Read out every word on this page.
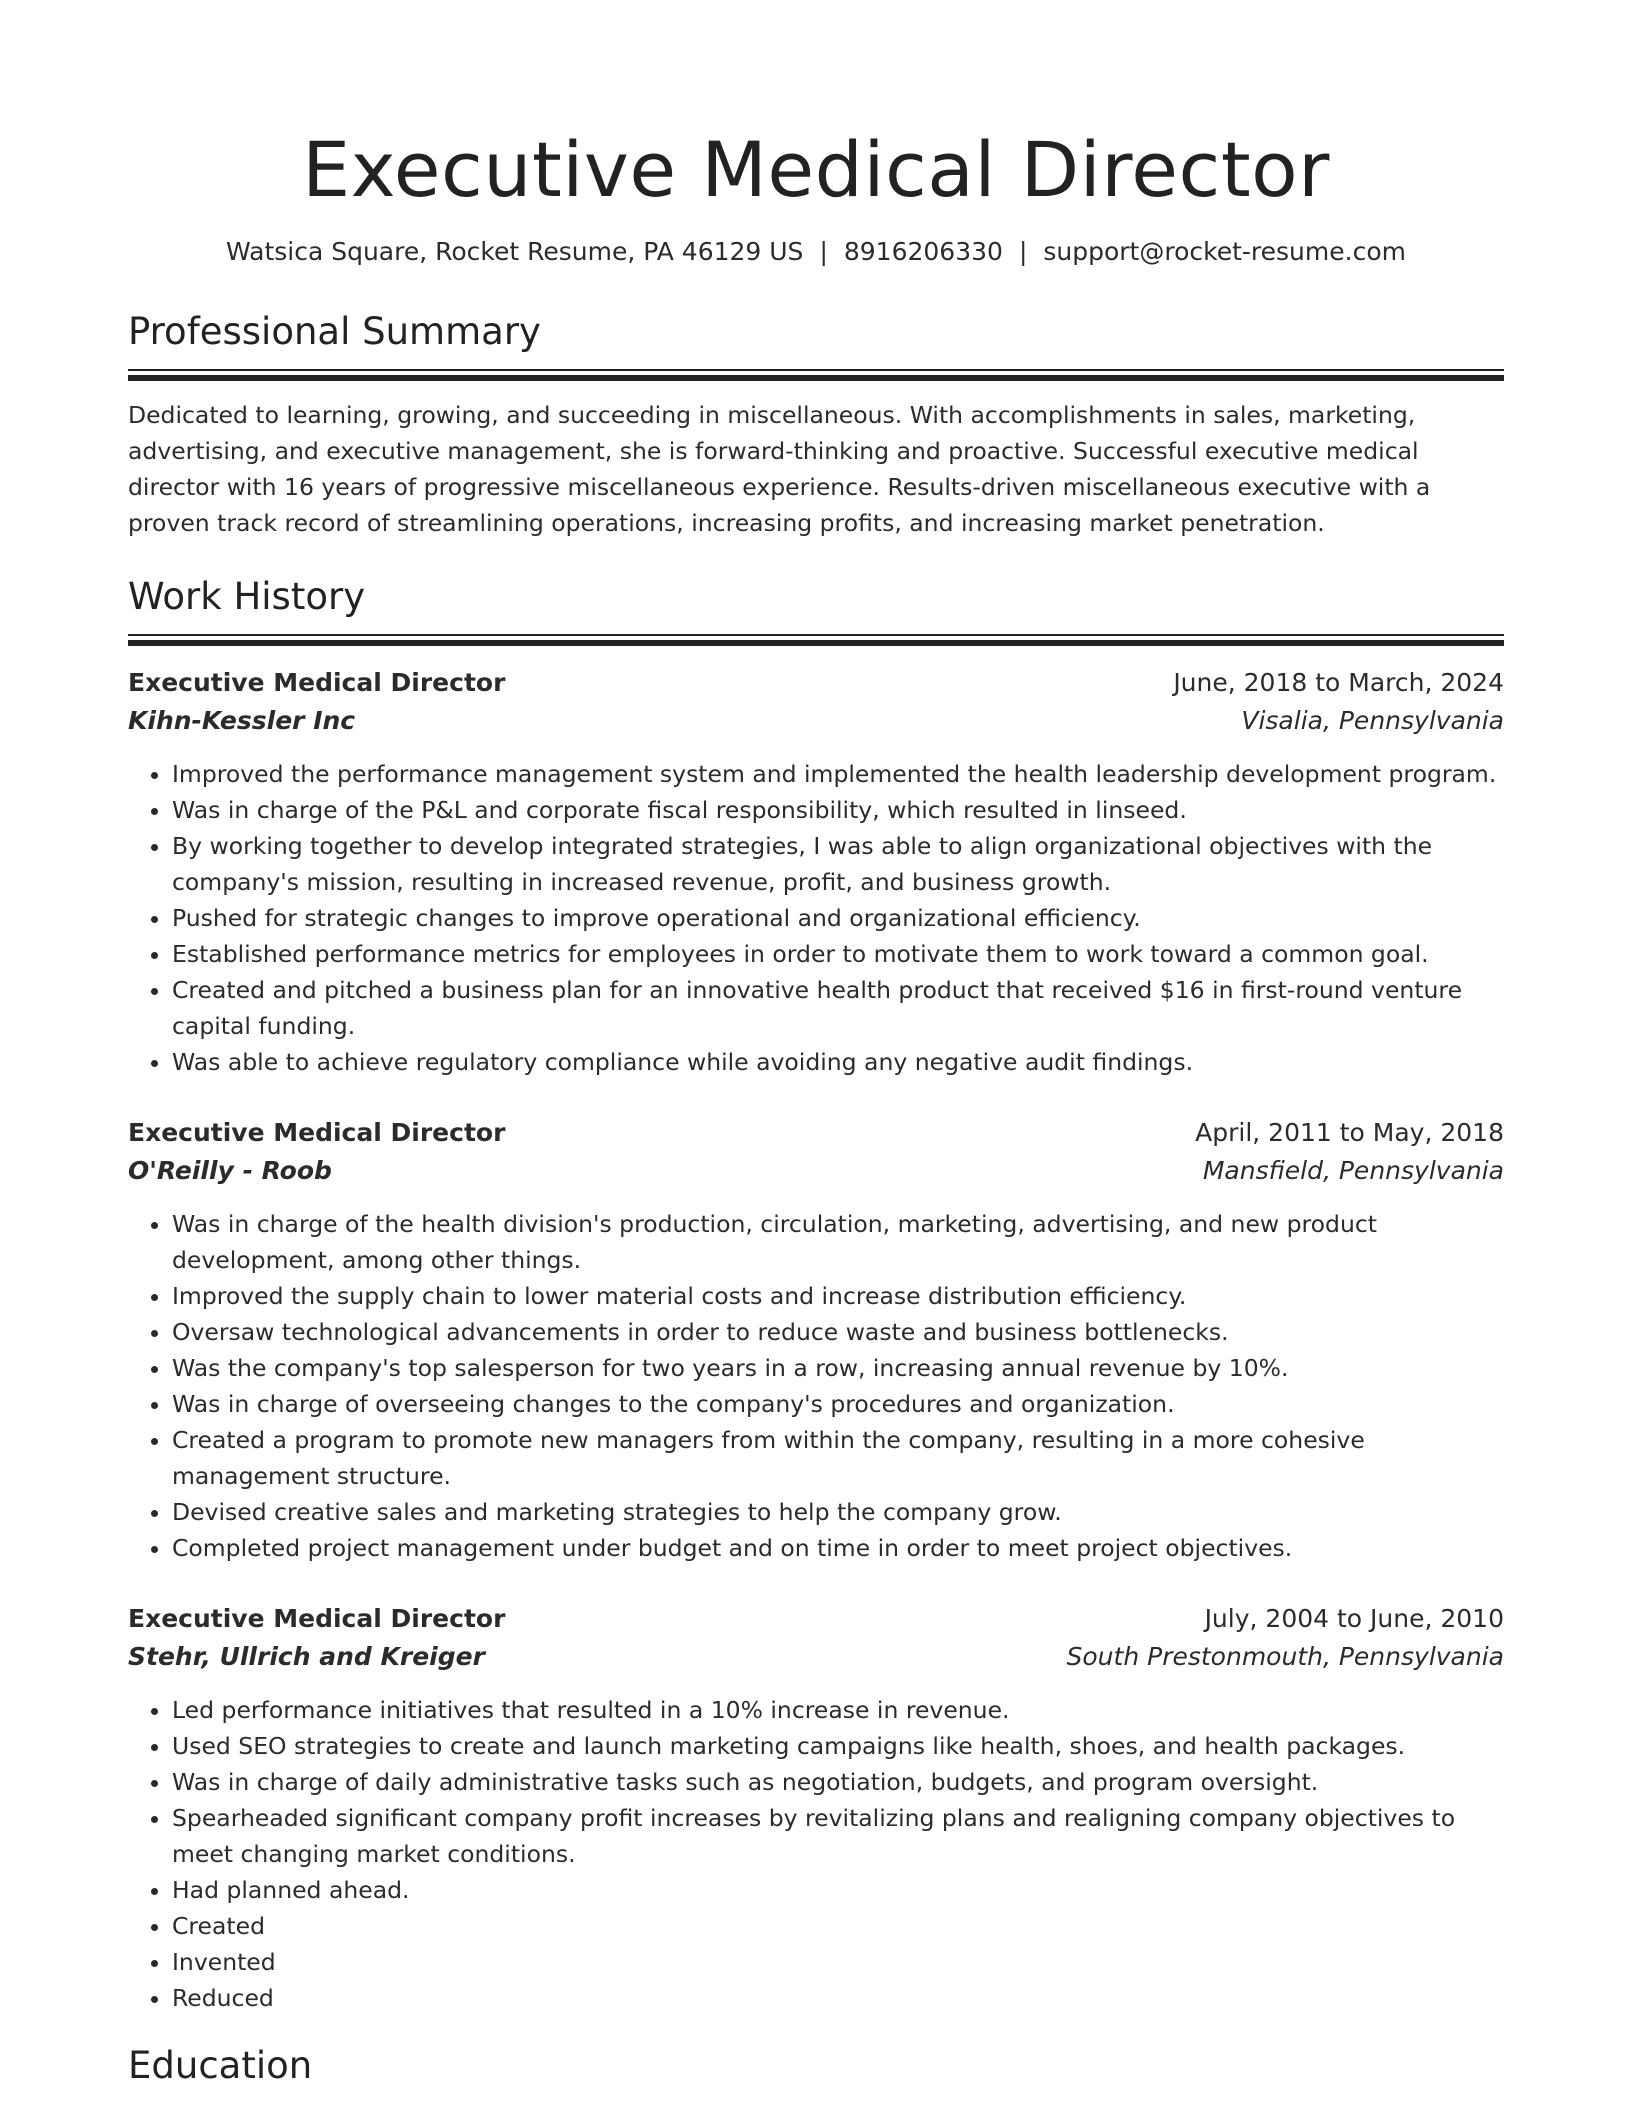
Executive Medical Director
Watsica Square, Rocket Resume, PA 46129 US | 8916206330 | support@rocket-resume.com
Professional Summary

Dedicated to learning, growing, and succeeding in miscellaneous. With accomplishments in sales, marketing, advertising, and executive management, she is forward-thinking and proactive. Successful executive medical director with 16 years of progressive miscellaneous experience. Results-driven miscellaneous executive with a proven track record of streamlining operations, increasing profits, and increasing market penetration.

Work History
Executive Medical Director	June, 2018 to March, 2024
Kihn-Kessler Inc	Visalia, Pennsylvania
• Improved the performance management system and implemented the health leadership development program.
• Was in charge of the P&L and corporate fiscal responsibility, which resulted in linseed.
• By working together to develop integrated strategies, I was able to align organizational objectives with the company's mission, resulting in increased revenue, profit, and business growth.
• Pushed for strategic changes to improve operational and organizational efficiency.
• Established performance metrics for employees in order to motivate them to work toward a common goal.
• Created and pitched a business plan for an innovative health product that received $16 in first-round venture capital funding.
• Was able to achieve regulatory compliance while avoiding any negative audit findings.
Executive Medical Director	April, 2011 to May, 2018
O'Reilly - Roob	Mansfield, Pennsylvania
• Was in charge of the health division's production, circulation, marketing, advertising, and new product development, among other things.
• Improved the supply chain to lower material costs and increase distribution efficiency.
• Oversaw technological advancements in order to reduce waste and business bottlenecks.
• Was the company's top salesperson for two years in a row, increasing annual revenue by 10%.
• Was in charge of overseeing changes to the company's procedures and organization.
• Created a program to promote new managers from within the company, resulting in a more cohesive management structure.
• Devised creative sales and marketing strategies to help the company grow.
• Completed project management under budget and on time in order to meet project objectives.
Executive Medical Director	July, 2004 to June, 2010
Stehr, Ullrich and Kreiger	South Prestonmouth, Pennsylvania
• Led performance initiatives that resulted in a 10% increase in revenue.
• Used SEO strategies to create and launch marketing campaigns like health, shoes, and health packages.
• Was in charge of daily administrative tasks such as negotiation, budgets, and program oversight.
• Spearheaded significant company profit increases by revitalizing plans and realigning company objectives to meet changing market conditions.
• Had planned ahead.
• Created
• Invented
• Reduced
Education
